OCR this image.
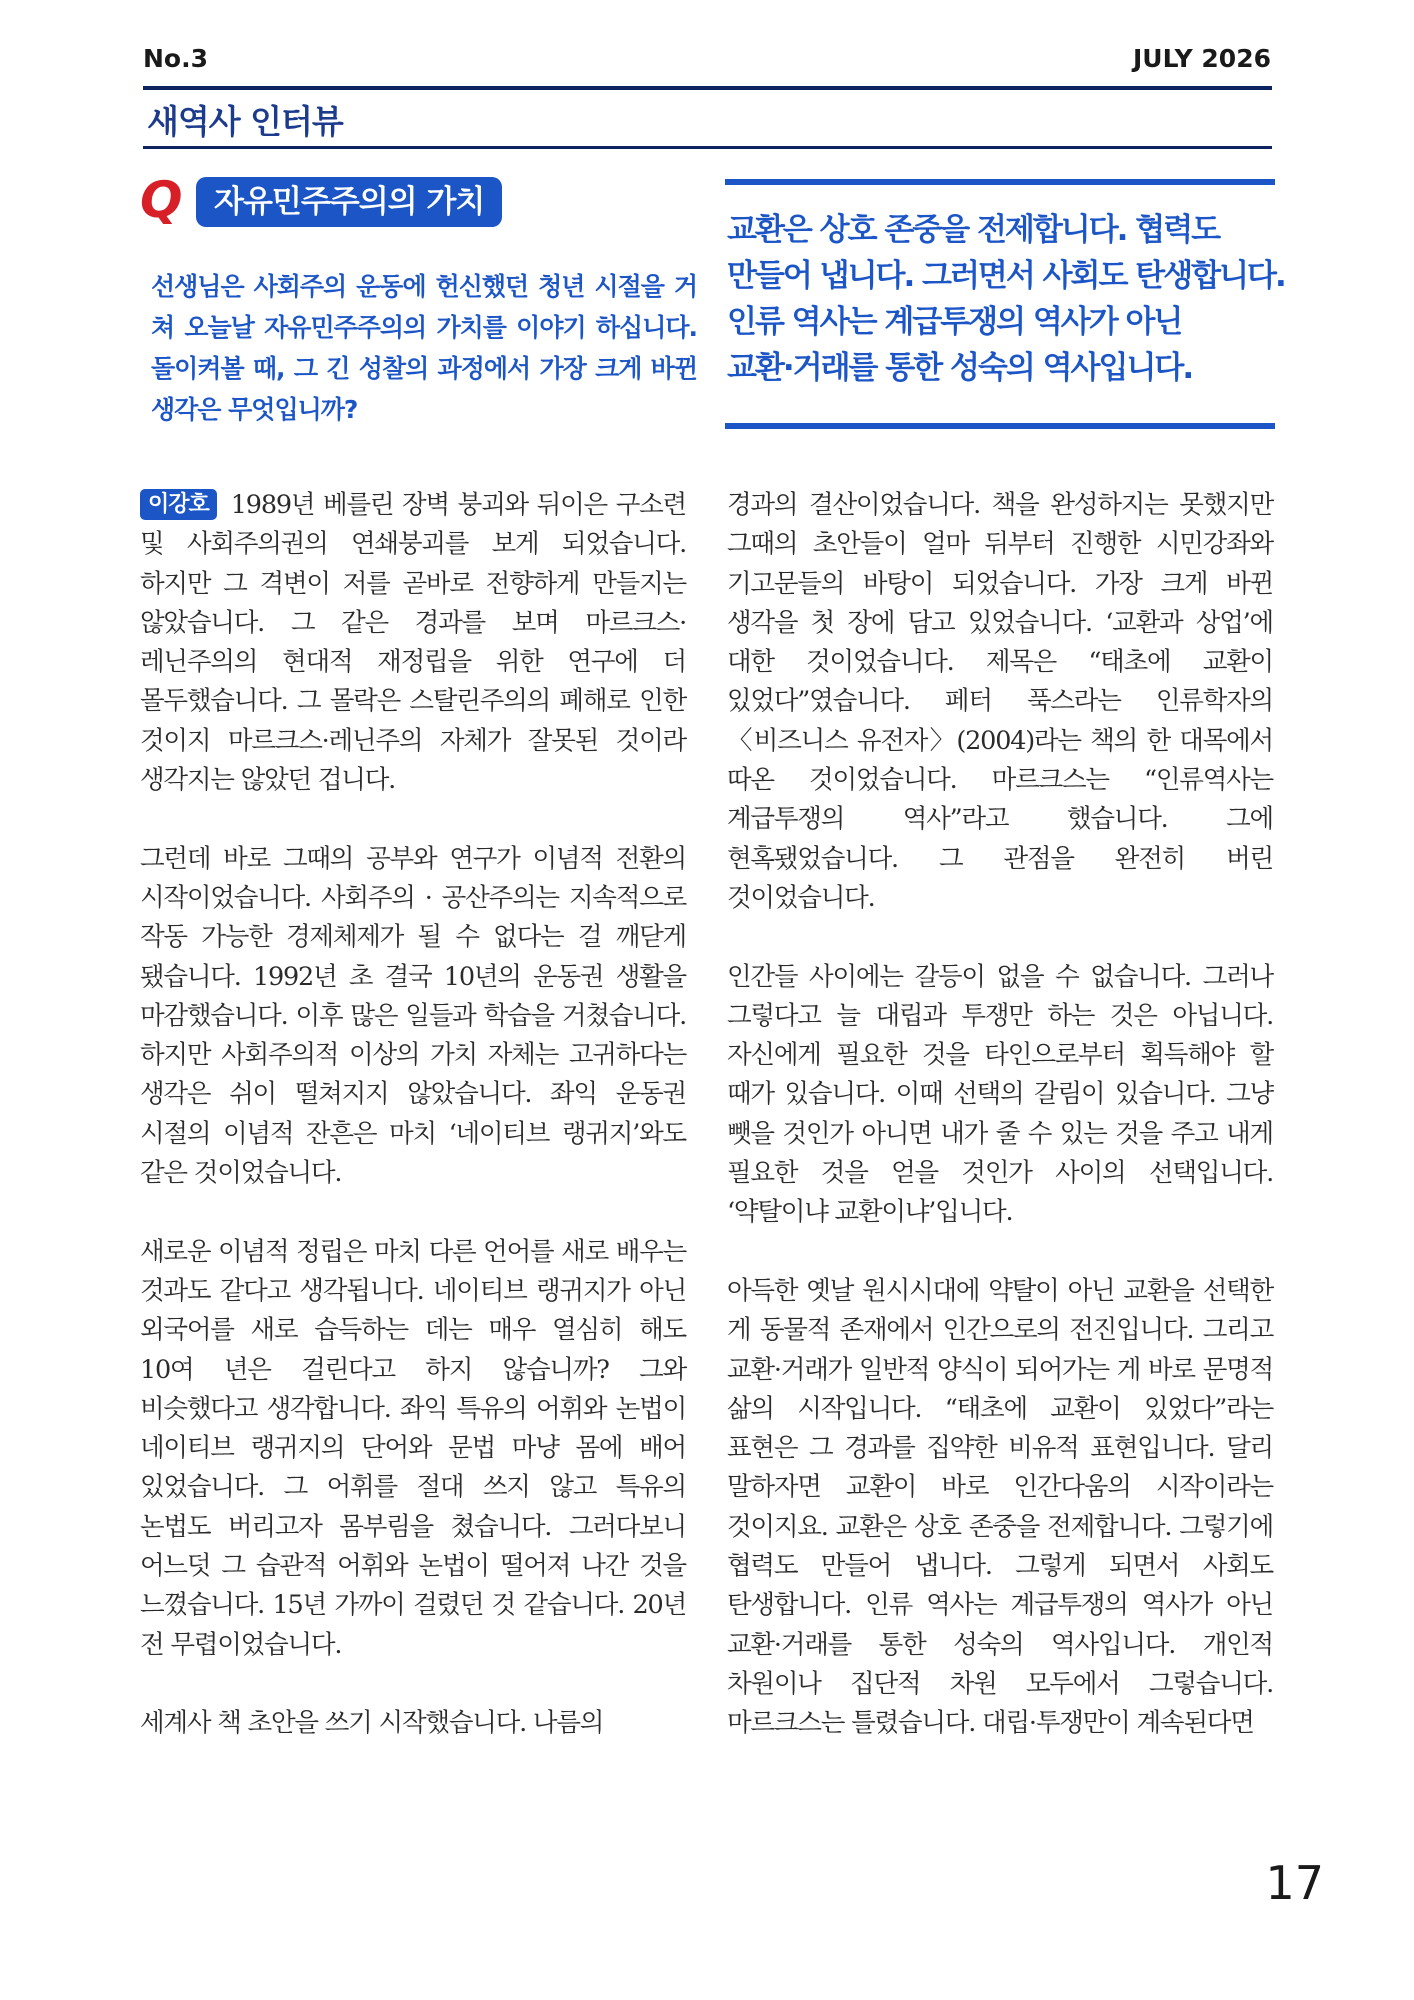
No.3	JULY 2026
새역사 인터뷰
Q	자유민주주의의 가치
선생님은 사회주의 운동에 헌신했던 청년 시절을 거쳐 오늘날 자유민주주의의 가치를 이야기 하십니다. 돌이켜볼 때, 그 긴 성찰의 과정에서 가장 크게 바뀐 생각은 무엇입니까?
교환은 상호 존중을 전제합니다. 협력도
만들어 냅니다. 그러면서 사회도 탄생합니다.
인류 역사는 계급투쟁의 역사가 아닌
교환·거래를 통한 성숙의 역사입니다.

이강호 1989년 베를린 장벽 붕괴와 뒤이은 구소련 및 사회주의권의 연쇄붕괴를 보게 되었습니다. 하지만 그 격변이 저를 곧바로 전향하게 만들지는 않았습니다. 그 같은 경과를 보며 마르크스·레닌주의의 현대적 재정립을 위한 연구에 더 몰두했습니다. 그 몰락은 스탈린주의의 폐해로 인한 것이지 마르크스·레닌주의 자체가 잘못된 것이라 생각지는 않았던 겁니다.

그런데 바로 그때의 공부와 연구가 이념적 전환의 시작이었습니다. 사회주의 · 공산주의는 지속적으로 작동 가능한 경제체제가 될 수 없다는 걸 깨닫게 됐습니다. 1992년 초 결국 10년의 운동권 생활을 마감했습니다. 이후 많은 일들과 학습을 거쳤습니다. 하지만 사회주의적 이상의 가치 자체는 고귀하다는 생각은 쉬이 떨쳐지지 않았습니다. 좌익 운동권 시절의 이념적 잔흔은 마치 ‘네이티브 랭귀지’와도 같은 것이었습니다.

새로운 이념적 정립은 마치 다른 언어를 새로 배우는 것과도 같다고 생각됩니다. 네이티브 랭귀지가 아닌 외국어를 새로 습득하는 데는 매우 열심히 해도 10여 년은 걸린다고 하지 않습니까? 그와 비슷했다고 생각합니다. 좌익 특유의 어휘와 논법이 네이티브 랭귀지의 단어와 문법 마냥 몸에 배어 있었습니다. 그 어휘를 절대 쓰지 않고 특유의 논법도 버리고자 몸부림을 쳤습니다. 그러다보니 어느덧 그 습관적 어휘와 논법이 떨어져 나간 것을 느꼈습니다. 15년 가까이 걸렸던 것 같습니다. 20년 전 무렵이었습니다.

세계사 책 초안을 쓰기 시작했습니다. 나름의

경과의 결산이었습니다. 책을 완성하지는 못했지만 그때의 초안들이 얼마 뒤부터 진행한 시민강좌와 기고문들의 바탕이 되었습니다. 가장 크게 바뀐 생각을 첫 장에 담고 있었습니다. ‘교환과 상업’에 대한 것이었습니다. 제목은 “태초에 교환이 있었다”였습니다. 페터 푹스라는 인류학자의 〈비즈니스 유전자〉(2004)라는 책의 한 대목에서 따온 것이었습니다. 마르크스는 “인류역사는 계급투쟁의 역사”라고 했습니다. 그에 현혹됐었습니다. 그 관점을 완전히 버린 것이었습니다.

인간들 사이에는 갈등이 없을 수 없습니다. 그러나 그렇다고 늘 대립과 투쟁만 하는 것은 아닙니다. 자신에게 필요한 것을 타인으로부터 획득해야 할 때가 있습니다. 이때 선택의 갈림이 있습니다. 그냥 뺏을 것인가 아니면 내가 줄 수 있는 것을 주고 내게 필요한 것을 얻을 것인가 사이의 선택입니다. ‘약탈이냐 교환이냐’입니다.

아득한 옛날 원시시대에 약탈이 아닌 교환을 선택한 게 동물적 존재에서 인간으로의 전진입니다. 그리고 교환·거래가 일반적 양식이 되어가는 게 바로 문명적 삶의 시작입니다. “태초에 교환이 있었다”라는 표현은 그 경과를 집약한 비유적 표현입니다. 달리 말하자면 교환이 바로 인간다움의 시작이라는 것이지요. 교환은 상호 존중을 전제합니다. 그렇기에 협력도 만들어 냅니다. 그렇게 되면서 사회도 탄생합니다. 인류 역사는 계급투쟁의 역사가 아닌 교환·거래를 통한 성숙의 역사입니다. 개인적 차원이나 집단적 차원 모두에서 그렇습니다. 마르크스는 틀렸습니다. 대립·투쟁만이 계속된다면

17
